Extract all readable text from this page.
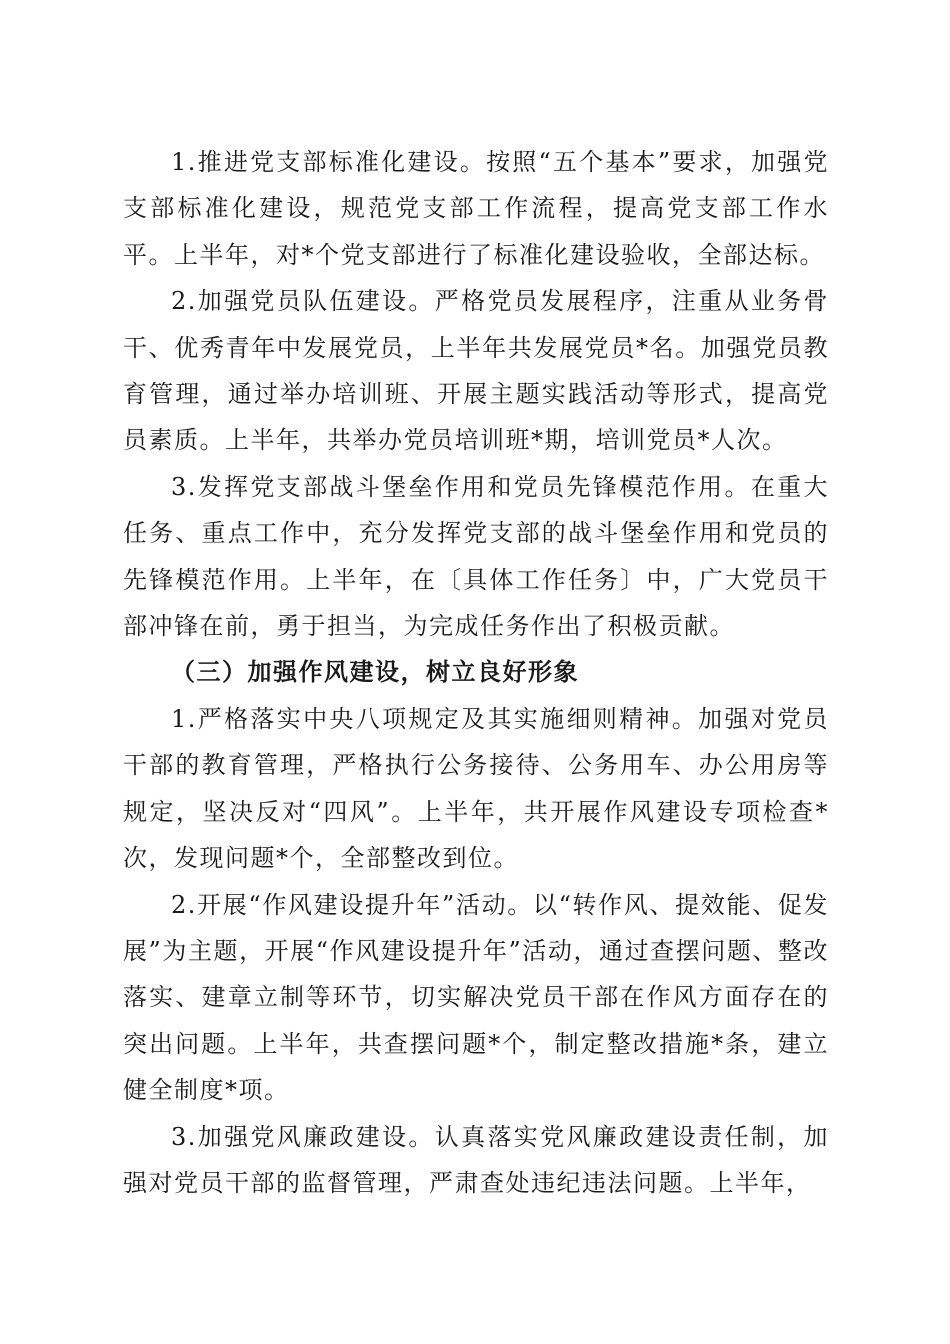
1.推进党支部标准化建设。按照“五个基本”要求，加强党支部标准化建设，规范党支部工作流程，提高党支部工作水平。上半年，对*个党支部进行了标准化建设验收，全部达标。

2.加强党员队伍建设。严格党员发展程序，注重从业务骨干、优秀青年中发展党员，上半年共发展党员*名。加强党员教育管理，通过举办培训班、开展主题实践活动等形式，提高党员素质。上半年，共举办党员培训班*期，培训党员*人次。

3.发挥党支部战斗堡垒作用和党员先锋模范作用。在重大任务、重点工作中，充分发挥党支部的战斗堡垒作用和党员的先锋模范作用。上半年，在〔具体工作任务〕中，广大党员干部冲锋在前，勇于担当，为完成任务作出了积极贡献。

（三）加强作风建设，树立良好形象

1.严格落实中央八项规定及其实施细则精神。加强对党员干部的教育管理，严格执行公务接待、公务用车、办公用房等规定，坚决反对“四风”。上半年，共开展作风建设专项检查*次，发现问题*个，全部整改到位。

2.开展“作风建设提升年”活动。以“转作风、提效能、促发展”为主题，开展“作风建设提升年”活动，通过查摆问题、整改落实、建章立制等环节，切实解决党员干部在作风方面存在的突出问题。上半年，共查摆问题*个，制定整改措施*条，建立健全制度*项。

3.加强党风廉政建设。认真落实党风廉政建设责任制，加强对党员干部的监督管理，严肃查处违纪违法问题。上半年，
